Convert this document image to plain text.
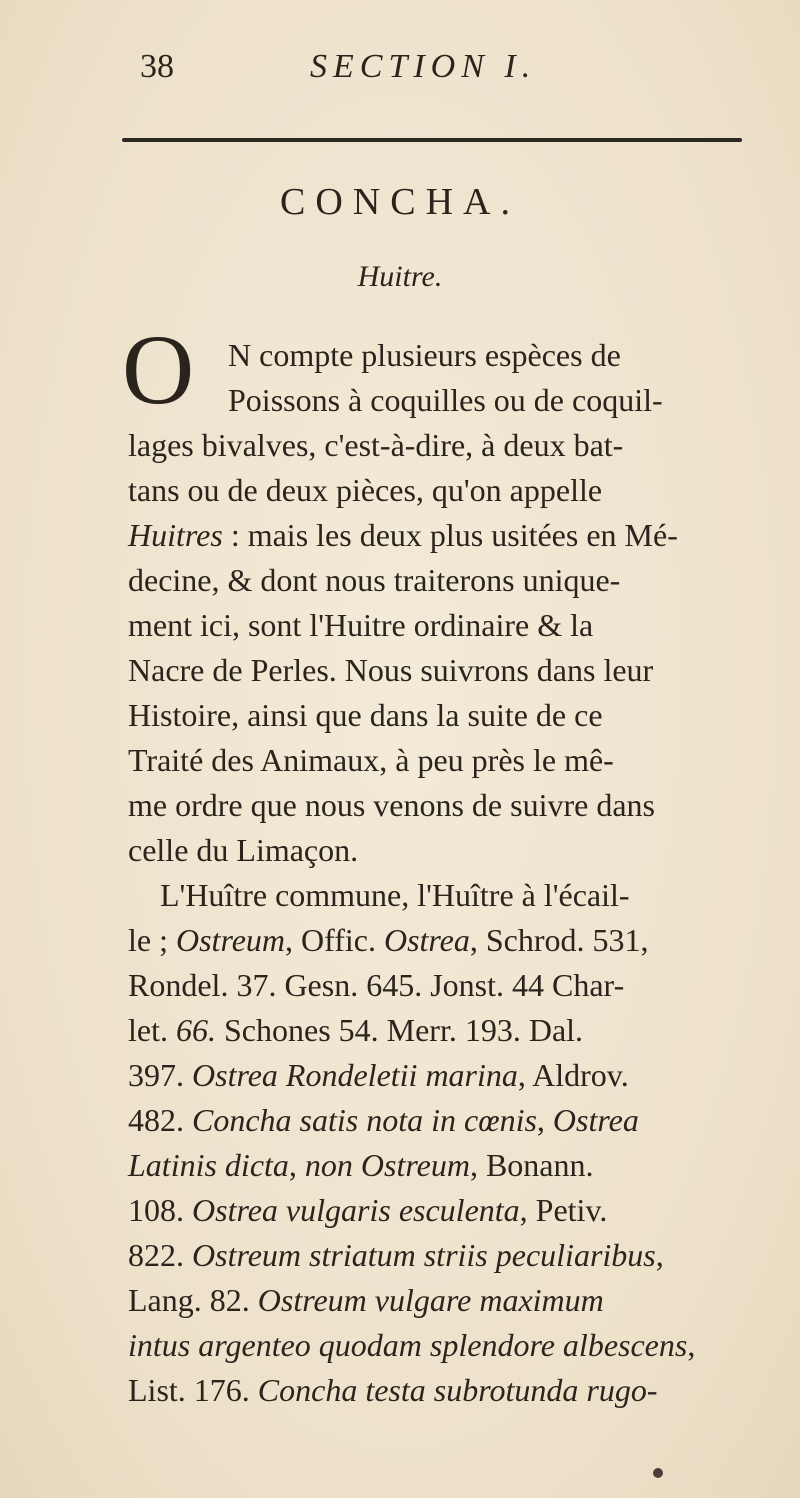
38	SECTION I.
CONCHA.
Huitre.
O N compte plusieurs espèces de
Poissons à coquilles ou de coquil-
lages bivalves, c'est-à-dire, à deux bat-
tans ou de deux pièces, qu'on appelle
Huitres : mais les deux plus usitées en Mé-
decine, & dont nous traiterons unique-
ment ici, sont l'Huitre ordinaire & la
Nacre de Perles. Nous suivrons dans leur
Histoire, ainsi que dans la suite de ce
Traité des Animaux, à peu près le mê-
me ordre que nous venons de suivre dans
celle du Limaçon.
L'Huître commune, l'Huître à l'écail-
le ; Ostreum, Offic. Ostrea, Schrod. 531,
Rondel. 37. Gesn. 645. Jonst. 44 Char-
let. 66. Schones 54. Merr. 193. Dal.
397. Ostrea Rondeletii marina, Aldrov.
482. Concha satis nota in cœnis, Ostrea
Latinis dicta, non Ostreum, Bonann.
108. Ostrea vulgaris esculenta, Petiv.
822. Ostreum striatum striis peculiaribus,
Lang. 82. Ostreum vulgare maximum
intus argenteo quodam splendore albescens,
List. 176. Concha testa subrotunda rugo-
